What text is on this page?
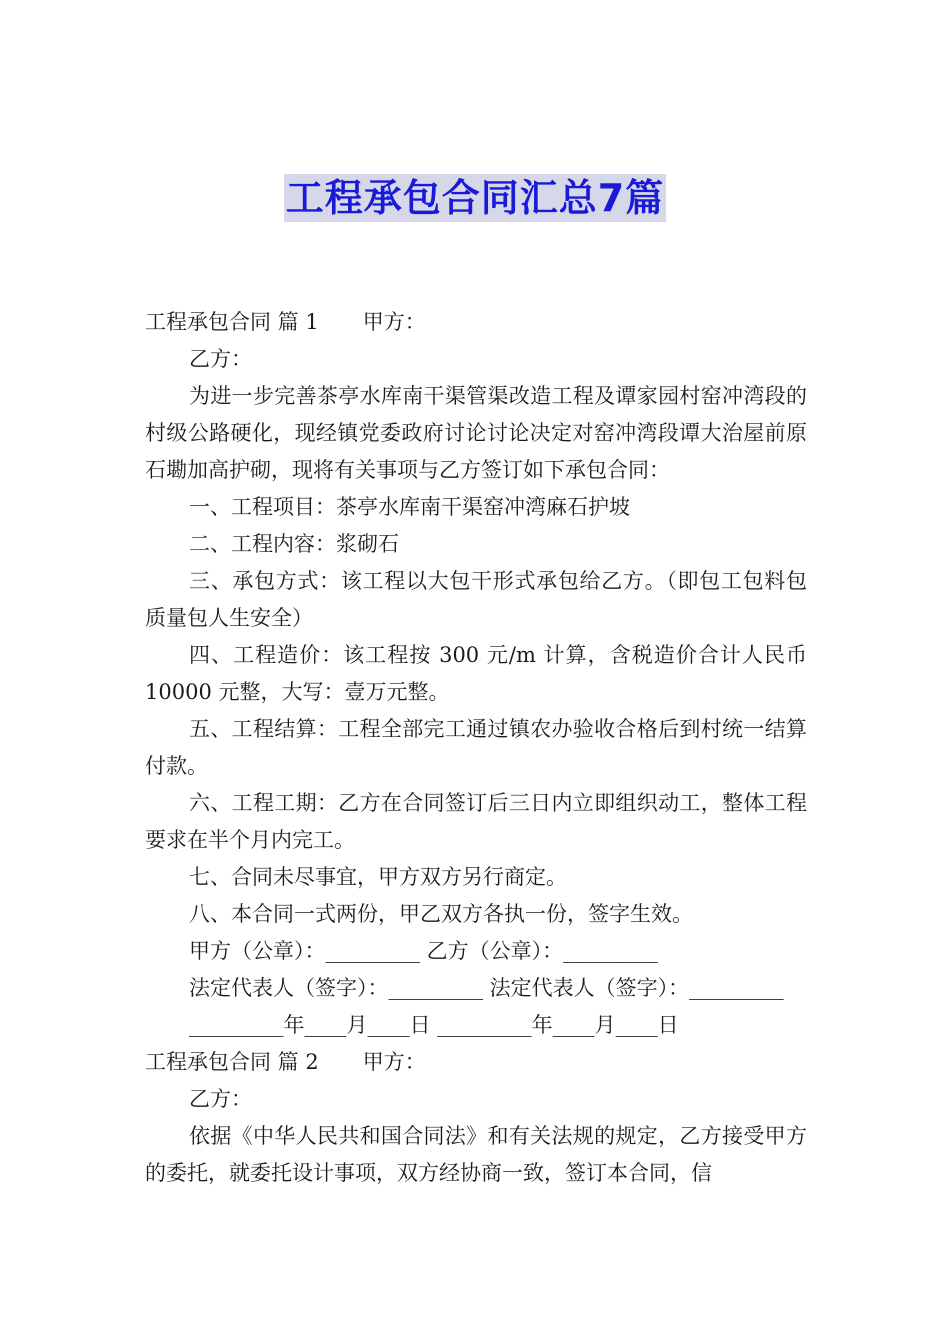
工程承包合同汇总7篇

工程承包合同 篇 1 甲方：

乙方：

为进一步完善茶亭水库南干渠管渠改造工程及谭家园村窑冲湾段的村级公路硬化，现经镇党委政府讨论讨论决定对窑冲湾段谭大治屋前原石墈加高护砌，现将有关事项与乙方签订如下承包合同：

一、工程项目：茶亭水库南干渠窑冲湾麻石护坡

二、工程内容：浆砌石

三、承包方式：该工程以大包干形式承包给乙方。（即包工包料包质量包人生安全）

四、工程造价：该工程按 300 元/m 计算，含税造价合计人民币 10000 元整，大写：壹万元整。

五、工程结算：工程全部完工通过镇农办验收合格后到村统一结算付款。

六、工程工期：乙方在合同签订后三日内立即组织动工，整体工程要求在半个月内完工。

七、合同未尽事宜，甲方双方另行商定。

八、本合同一式两份，甲乙双方各执一份，签字生效。

甲方（公章）：_________ 乙方（公章）：_________

法定代表人（签字）：_________ 法定代表人（签字）：_________

_________年____月____日 _________年____月____日

工程承包合同 篇 2 甲方：

乙方：

依据《中华人民共和国合同法》和有关法规的规定，乙方接受甲方的委托，就委托设计事项，双方经协商一致，签订本合同，信
